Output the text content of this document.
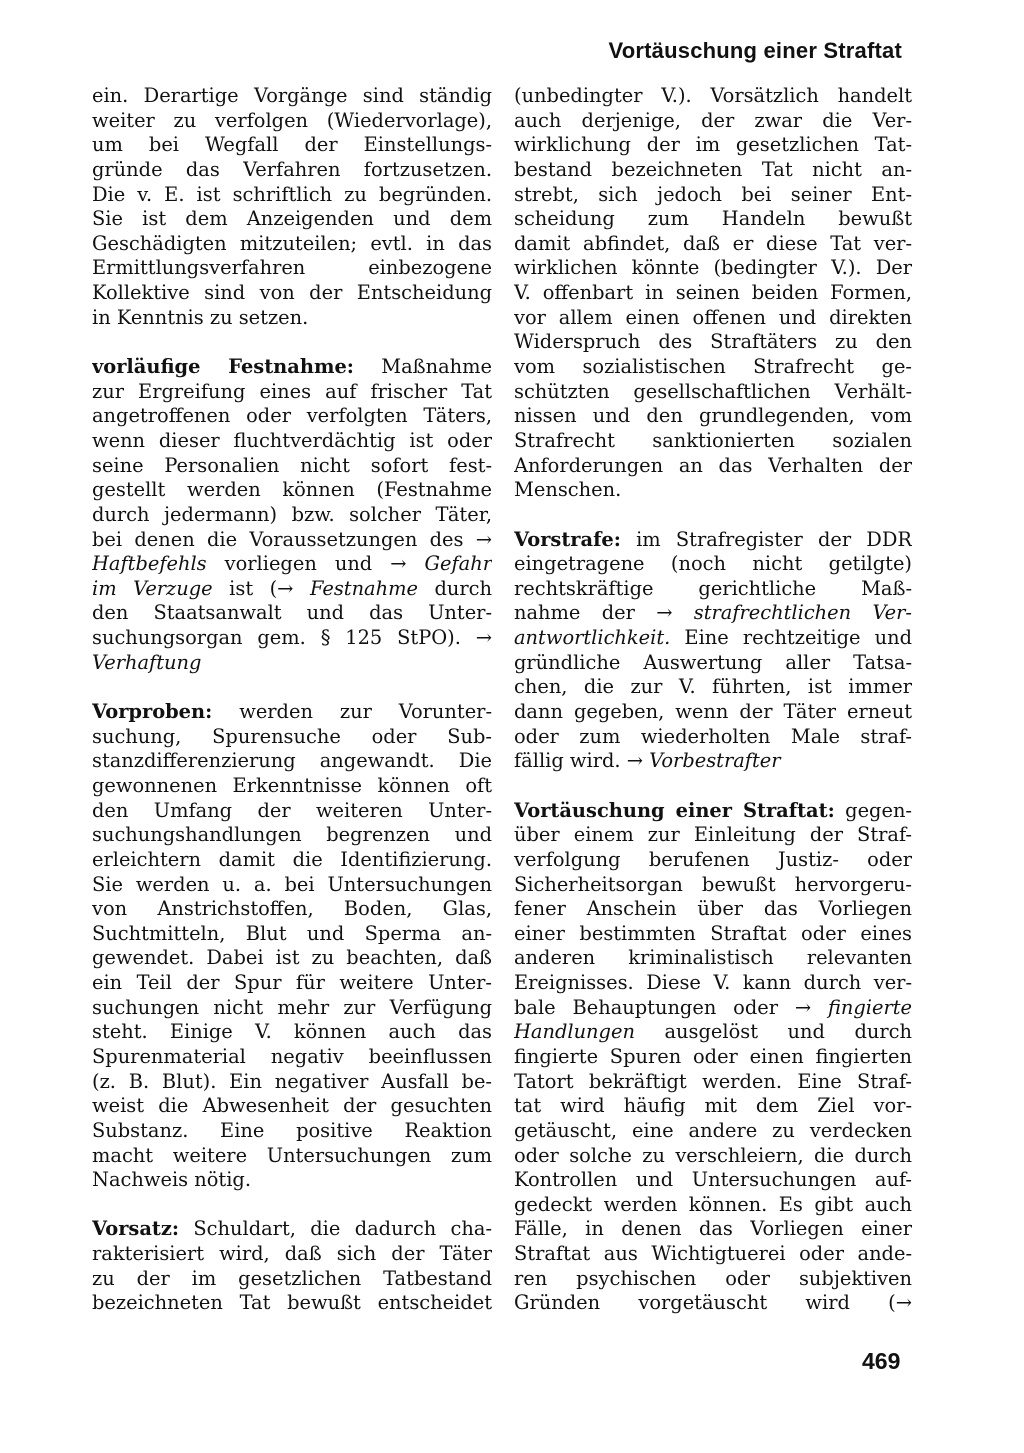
Vortäuschung einer Straftat
ein. Derartige Vorgänge sind ständig
weiter zu verfolgen (Wiedervorlage),
um bei Wegfall der Einstellungs-
gründe das Verfahren fortzusetzen.
Die v. E. ist schriftlich zu begründen.
Sie ist dem Anzeigenden und dem
Geschädigten mitzuteilen; evtl. in das
Ermittlungsverfahren einbezogene
Kollektive sind von der Entscheidung
in Kenntnis zu setzen.
vorläufige Festnahme: Maßnahme
zur Ergreifung eines auf frischer Tat
angetroffenen oder verfolgten Täters,
wenn dieser fluchtverdächtig ist oder
seine Personalien nicht sofort fest-
gestellt werden können (Festnahme
durch jedermann) bzw. solcher Täter,
bei denen die Voraussetzungen des →
Haftbefehls vorliegen und → Gefahr
im Verzuge ist (→ Festnahme durch
den Staatsanwalt und das Unter-
suchungsorgan gem. § 125 StPO). →
Verhaftung
Vorproben: werden zur Vorunter-
suchung, Spurensuche oder Sub-
stanzdifferenzierung angewandt. Die
gewonnenen Erkenntnisse können oft
den Umfang der weiteren Unter-
suchungshandlungen begrenzen und
erleichtern damit die Identifizierung.
Sie werden u. a. bei Untersuchungen
von Anstrichstoffen, Boden, Glas,
Suchtmitteln, Blut und Sperma an-
gewendet. Dabei ist zu beachten, daß
ein Teil der Spur für weitere Unter-
suchungen nicht mehr zur Verfügung
steht. Einige V. können auch das
Spurenmaterial negativ beeinflussen
(z. B. Blut). Ein negativer Ausfall be-
weist die Abwesenheit der gesuchten
Substanz. Eine positive Reaktion
macht weitere Untersuchungen zum
Nachweis nötig.
Vorsatz: Schuldart, die dadurch cha-
rakterisiert wird, daß sich der Täter
zu der im gesetzlichen Tatbestand
bezeichneten Tat bewußt entscheidet
(unbedingter V.). Vorsätzlich handelt
auch derjenige, der zwar die Ver-
wirklichung der im gesetzlichen Tat-
bestand bezeichneten Tat nicht an-
strebt, sich jedoch bei seiner Ent-
scheidung zum Handeln bewußt
damit abfindet, daß er diese Tat ver-
wirklichen könnte (bedingter V.). Der
V. offenbart in seinen beiden Formen,
vor allem einen offenen und direkten
Widerspruch des Straftäters zu den
vom sozialistischen Strafrecht ge-
schützten gesellschaftlichen Verhält-
nissen und den grundlegenden, vom
Strafrecht sanktionierten sozialen
Anforderungen an das Verhalten der
Menschen.
Vorstrafe: im Strafregister der DDR
eingetragene (noch nicht getilgte)
rechtskräftige gerichtliche Maß-
nahme der → strafrechtlichen Ver-
antwortlichkeit. Eine rechtzeitige und
gründliche Auswertung aller Tatsa-
chen, die zur V. führten, ist immer
dann gegeben, wenn der Täter erneut
oder zum wiederholten Male straf-
fällig wird. → Vorbestrafter
Vortäuschung einer Straftat: gegen-
über einem zur Einleitung der Straf-
verfolgung berufenen Justiz- oder
Sicherheitsorgan bewußt hervorgeru-
fener Anschein über das Vorliegen
einer bestimmten Straftat oder eines
anderen kriminalistisch relevanten
Ereignisses. Diese V. kann durch ver-
bale Behauptungen oder → fingierte
Handlungen ausgelöst und durch
fingierte Spuren oder einen fingierten
Tatort bekräftigt werden. Eine Straf-
tat wird häufig mit dem Ziel vor-
getäuscht, eine andere zu verdecken
oder solche zu verschleiern, die durch
Kontrollen und Untersuchungen auf-
gedeckt werden können. Es gibt auch
Fälle, in denen das Vorliegen einer
Straftat aus Wichtigtuerei oder ande-
ren psychischen oder subjektiven
Gründen vorgetäuscht wird (→
469
